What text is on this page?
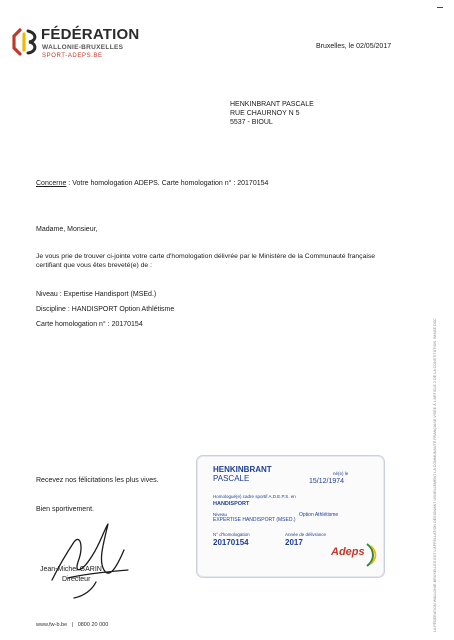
FÉDÉRATION
WALLONIE-BRUXELLES
SPORT-ADEPS.BE
Bruxelles, le 02/05/2017
HENKINBRANT PASCALE
RUE CHAURNOY N 5
5537 - BIOUL
Concerne : Votre homologation ADEPS. Carte homologation n° : 20170154
Madame, Monsieur,
Je vous prie de trouver ci-jointe votre carte d'homologation délivrée par le Ministère de la Communauté française
certifiant que vous êtes breveté(e) de :
Niveau : Expertise Handisport (MSEd.)
Discipline : HANDISPORT Option Athlétisme
Carte homologation n° : 20170154
Recevez nos félicitations les plus vives.
Bien sportivement.
Jean-Michel GARIN
Directeur
HENKINBRANT
PASCALE
né(e) le
15/12/1974
Homologué(e) cadre sportif A.D.E.P.S. en
HANDISPORT
Niveau	Option Athlétisme
EXPERTISE HANDISPORT (MSED.)
N° d'homologation
20170154
Année de délivrance
2017
Adeps	LA FÉDÉRATION WALLONIE-BRUXELLES EST L'APPELLATION DÉSIGNANT USUELLEMENT LA COMMUNAUTÉ FRANÇAISE VISÉE À L'ARTICLE 2 DE LA CONSTITUTION. IMAGE DSC
www.fw-b.be | 0800 20 000
